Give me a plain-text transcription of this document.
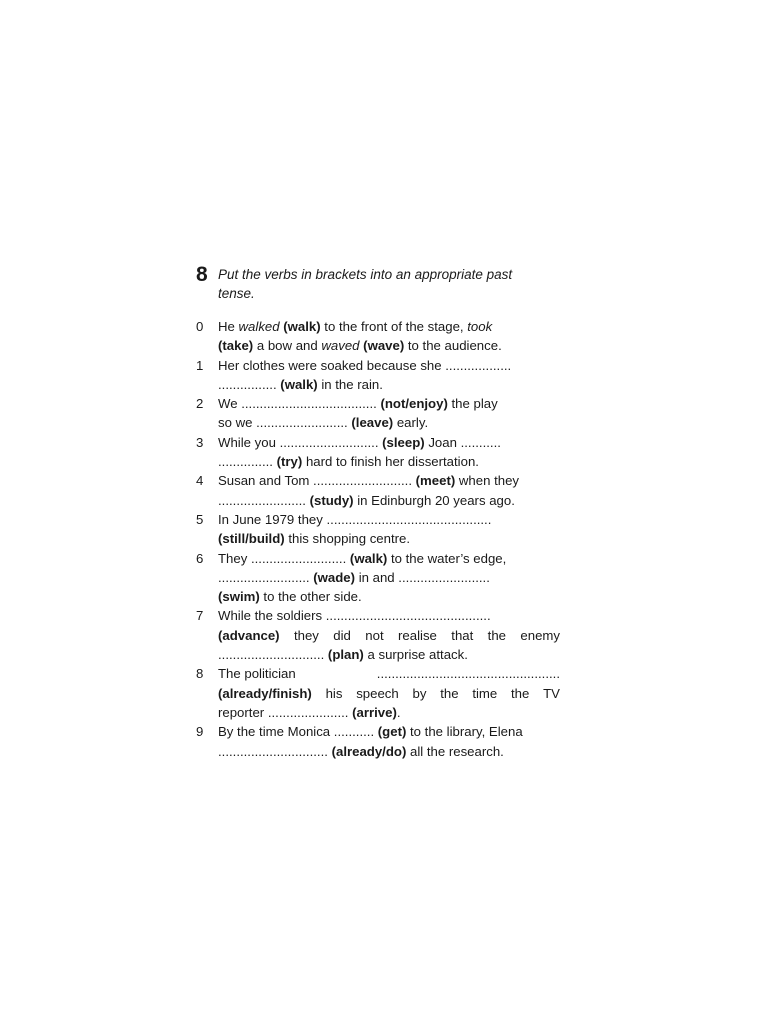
8 Put the verbs in brackets into an appropriate past
tense.
0	He walked (walk) to the front of the stage, took
(take) a bow and waved (wave) to the audience.
1	Her clothes were soaked because she ..................
................ (walk) in the rain.
2	We ..................................... (not/enjoy) the play
so we ......................... (leave) early.
3	While you ........................... (sleep) Joan ...........
............... (try) hard to finish her dissertation.
4	Susan and Tom ........................... (meet) when they
........................ (study) in Edinburgh 20 years ago.
5	In June 1979 they .............................................
(still/build) this shopping centre.
6	They .......................... (walk) to the water’s edge,
......................... (wade) in and .........................
(swim) to the other side.
7	While the soldiers .............................................
(advance) they did not realise that the enemy
............................. (plan) a surprise attack.
8	The politician	..................................................
(already/finish) his speech by the time the TV
reporter ...................... (arrive).
9	By the time Monica ........... (get) to the library, Elena
.............................. (already/do) all the research.
